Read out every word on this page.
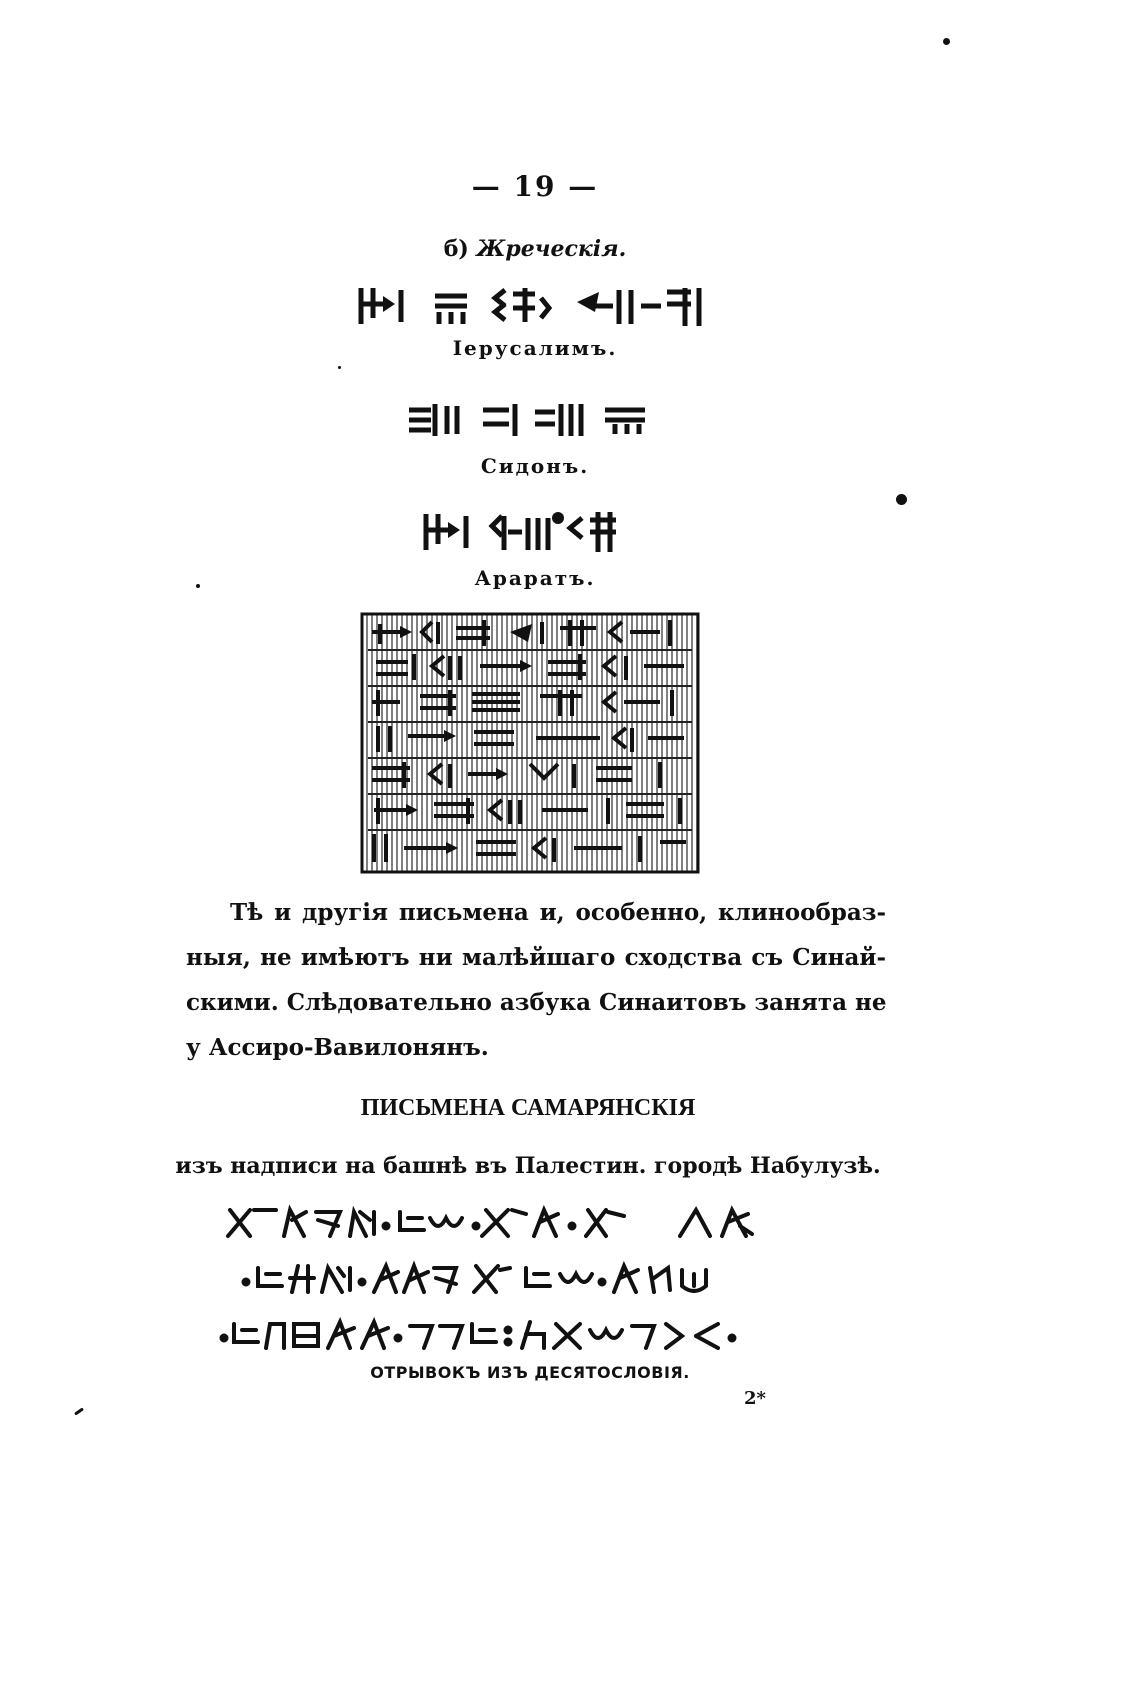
— 19 —
б) Жреческія.
Іерусалимъ.
Сидонъ.
Араратъ.
Тѣ и другія письмена и, особенно, клинообраз-
ныя, не имѣютъ ни малѣйшаго сходства съ Синай-
скими. Слѣдовательно азбука Синаитовъ занята не
у Ассиро-Вавилонянъ.
ПИСЬМЕНА САМАРЯНСКІЯ
изъ надписи на башнѣ въ Палестин. городѣ Набулузѣ.
ОТРЫВОКЪ ИЗЪ ДЕСЯТОСЛОВІЯ.
2*
